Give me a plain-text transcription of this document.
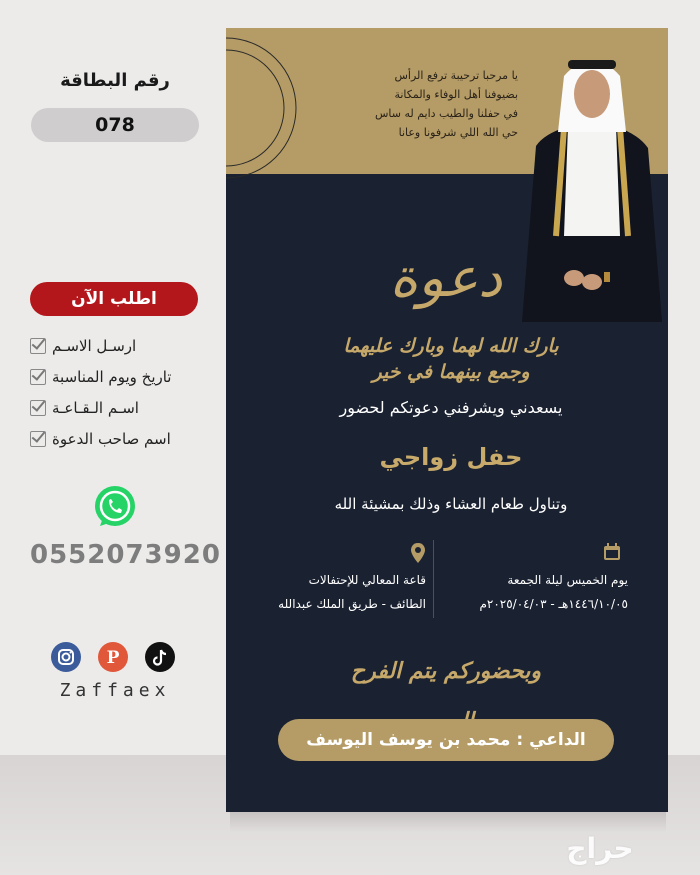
رقم البطاقة
078
اطلب الآن
ارسـل الاسـم
تاريخ ويوم المناسبة
اسـم الـقـاعـة
اسم صاحب الدعوة
0552073920
P
Zaffaex
يا مرحبا ترحيبة ترفع الرأس
بضيوفنا أهل الوفاء والمكانة
في حفلنا والطيب دايم له ساس
حي الله اللي شرفونا وعانا
دعوة
بارك الله لهما وبارك عليهما وجمع بينهما في خير
يسعدني ويشرفني دعوتكم لحضور
حفل زواجي
وتناول طعام العشاء وذلك بمشيئة الله
قاعة المعالي للإحتفالات
الطائف - طريق الملك عبدالله
يوم الخميس ليلة الجمعة
١٤٤٦/١٠/٠٥هـ - ٢٠٢٥/٠٤/٠٣م
وبحضوركم يتم الفرح
الداعي : محمد بن يوسف اليوسف
حراج
